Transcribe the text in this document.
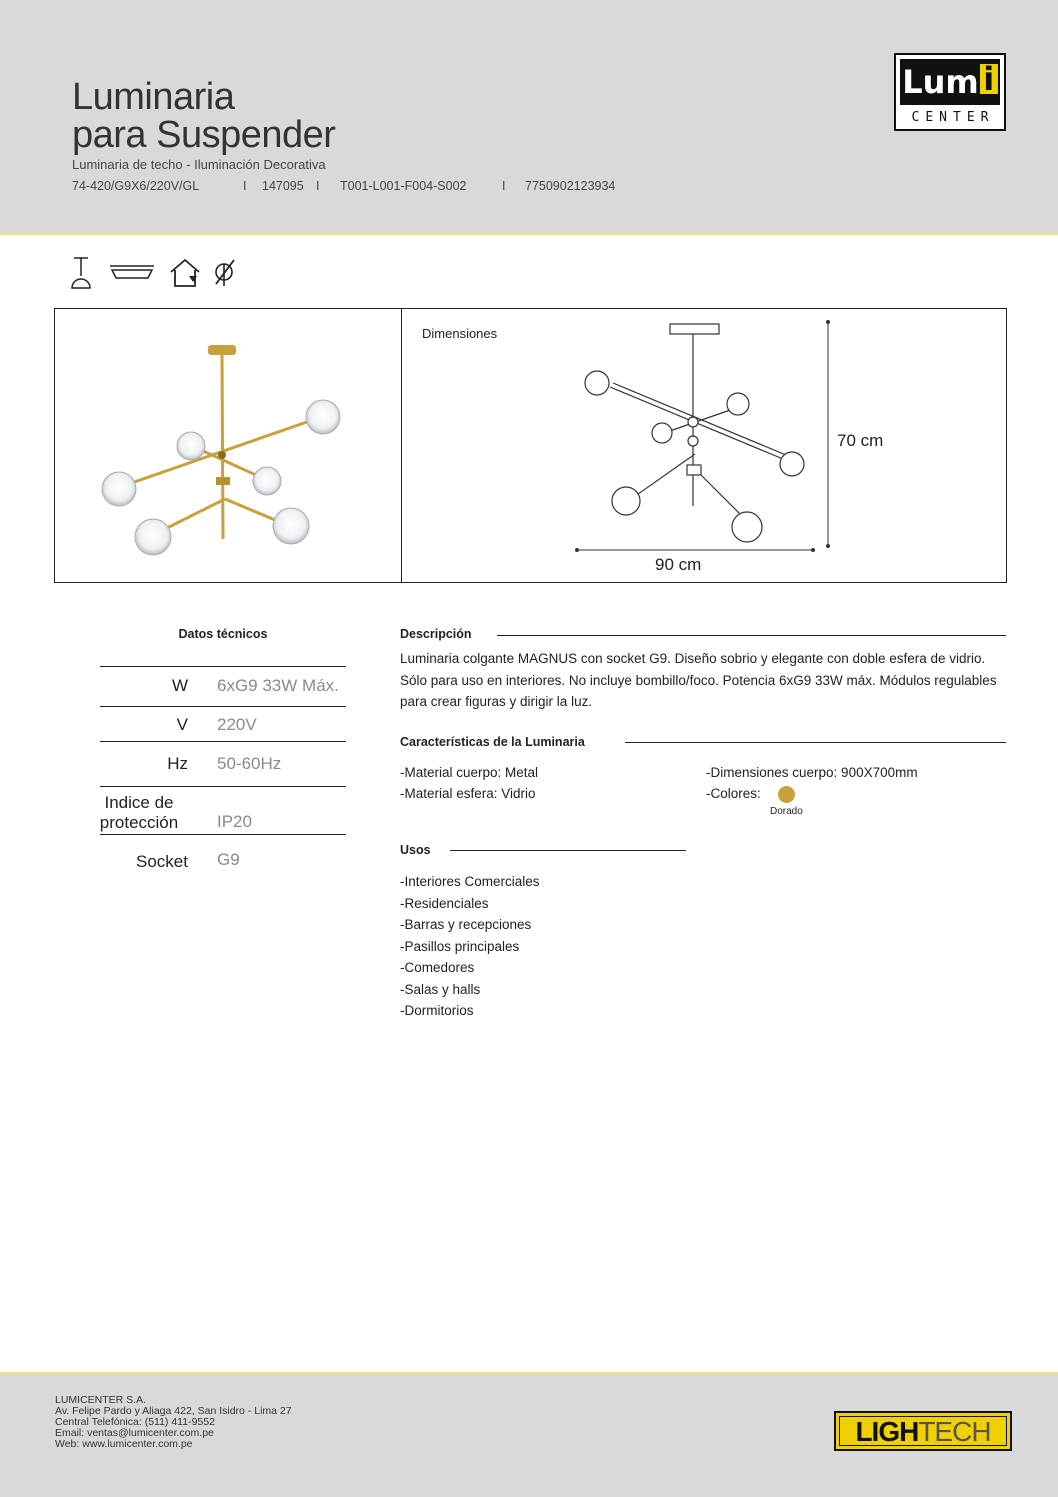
Luminaria
para Suspender
Luminaria de techo - Iluminación Decorativa
74-420/G9X6/220V/GL	I 147095 I T001-L001-F004-S002	I 7750902123934
Lum i
CENTER
Dimensiones
70 cm
90 cm
Datos técnicos
W 6xG9 33W Máx.
V 220V
Hz 50-60Hz
Indice de
protección	IP20
Socket G9
Descripción
Luminaria colgante MAGNUS con socket G9. Diseño sobrio y elegante con doble esfera de vidrio. Sólo para uso en interiores. No incluye bombillo/foco. Potencia 6xG9 33W máx. Módulos regulables para crear figuras y dirigir la luz.
Características de la Luminaria
-Material cuerpo: Metal
-Material esfera: Vidrio
-Dimensiones cuerpo: 900X700mm
-Colores:
Dorado
Usos
-Interiores Comerciales
-Residenciales
-Barras y recepciones
-Pasillos principales
-Comedores
-Salas y halls
-Dormitorios
LUMICENTER S.A.
Av. Felipe Pardo y Aliaga 422, San Isidro - Lima 27
Central Telefónica: (511) 411-9552
Email: ventas@lumicenter.com.pe
Web: www.lumicenter.com.pe	LIGHTECH
